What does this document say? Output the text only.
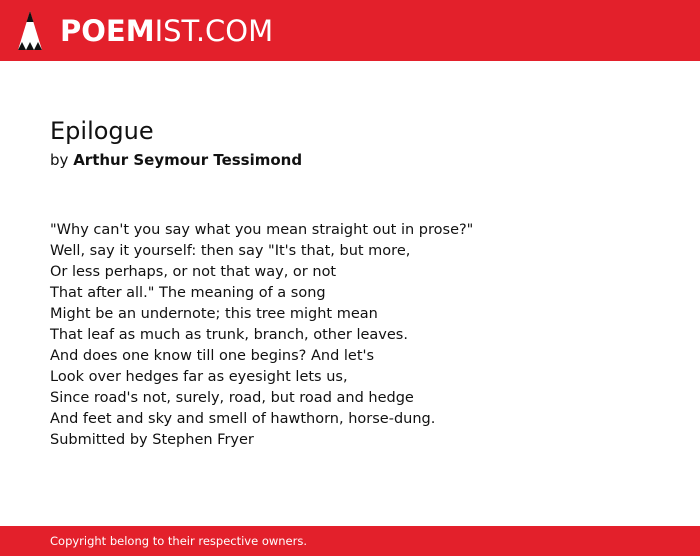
POEMIST.COM
Epilogue
by Arthur Seymour Tessimond
"Why can't you say what you mean straight out in prose?"
Well, say it yourself: then say "It's that, but more,
Or less perhaps, or not that way, or not
That after all." The meaning of a song
Might be an undernote; this tree might mean
That leaf as much as trunk, branch, other leaves.
And does one know till one begins? And let's
Look over hedges far as eyesight lets us,
Since road's not, surely, road, but road and hedge
And feet and sky and smell of hawthorn, horse-dung.
Submitted by Stephen Fryer
Copyright belong to their respective owners.
